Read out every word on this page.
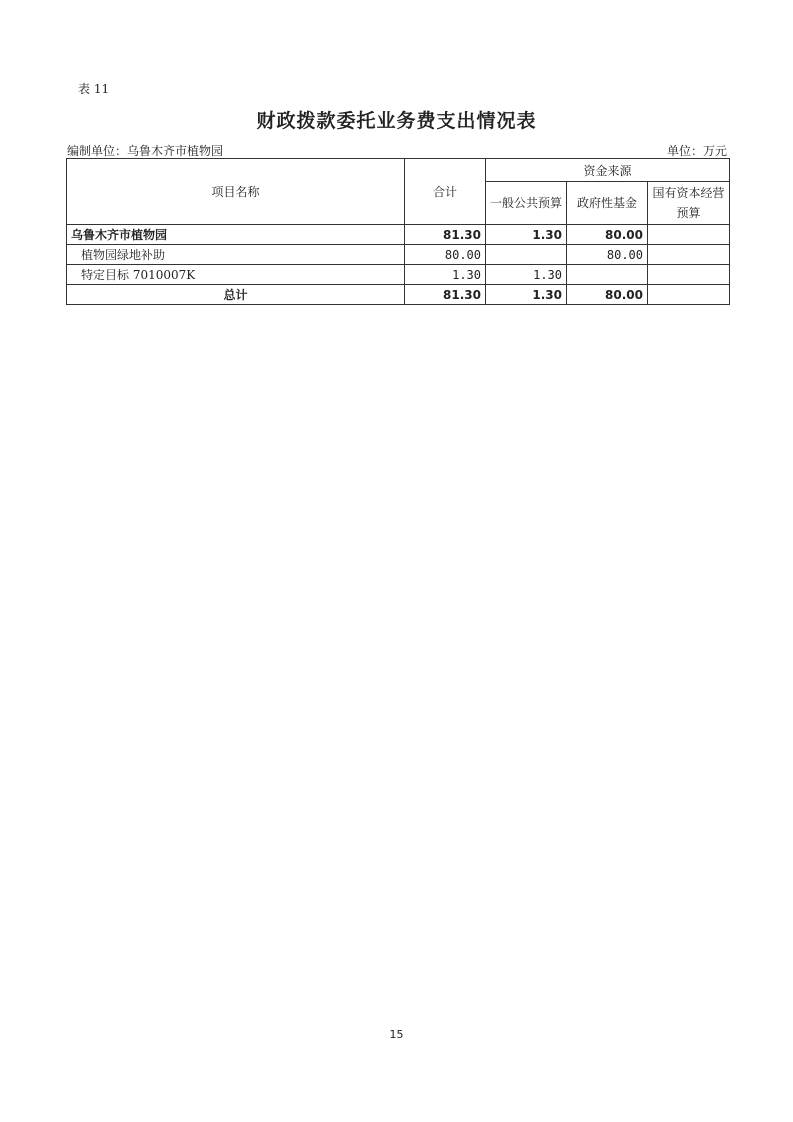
表 11
财政拨款委托业务费支出情况表
编制单位：乌鲁木齐市植物园	单位：万元
项目名称	合计	资金来源		
		一般公共预算	政府性基金	国有资本经营预算
乌鲁木齐市植物园	81.30	1.30	80.00	
植物园绿地补助	80.00		80.00	
特定目标 7010007K	1.30	1.30		
总计	81.30	1.30	80.00	
15
